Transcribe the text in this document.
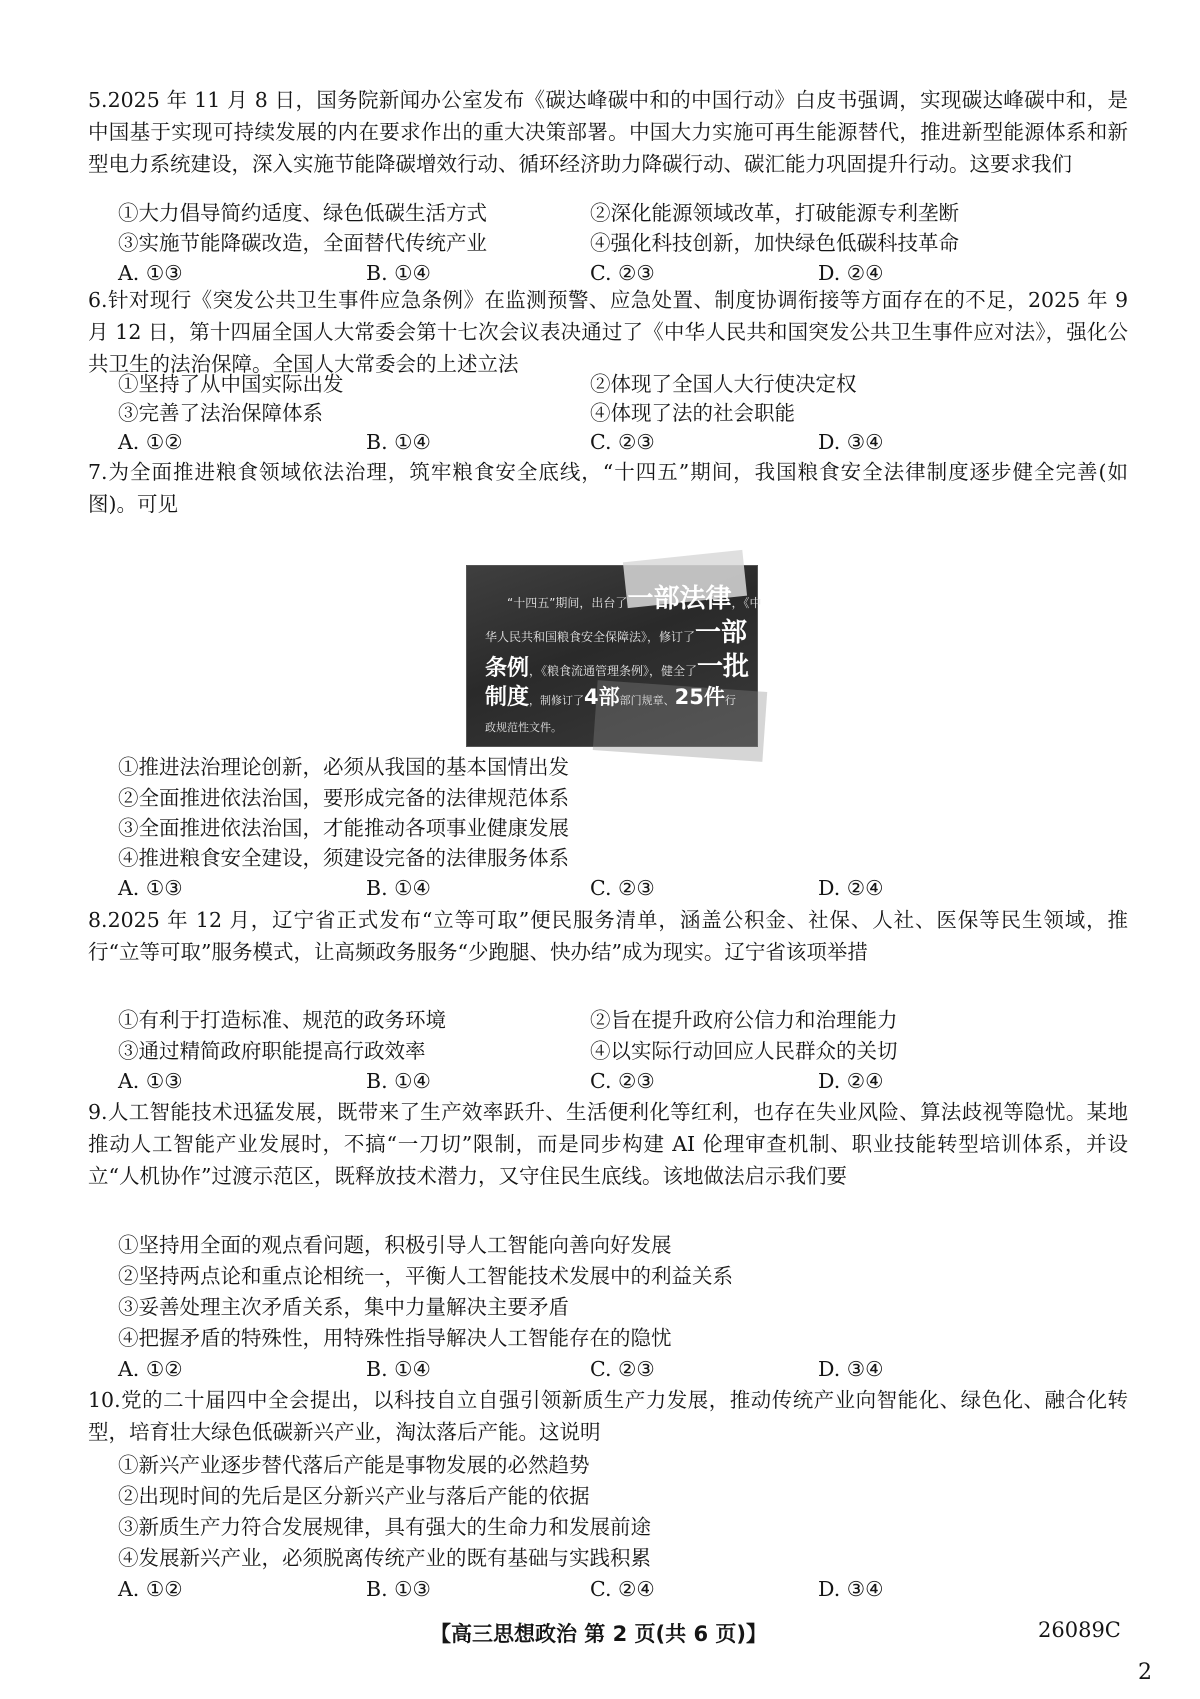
5.2025 年 11 月 8 日，国务院新闻办公室发布《碳达峰碳中和的中国行动》白皮书强调，实现碳达峰碳中和，是中国基于实现可持续发展的内在要求作出的重大决策部署。中国大力实施可再生能源替代，推进新型能源体系和新型电力系统建设，深入实施节能降碳增效行动、循环经济助力降碳行动、碳汇能力巩固提升行动。这要求我们

①大力倡导简约适度、绿色低碳生活方式	②深化能源领域改革，打破能源专利垄断

③实施节能降碳改造，全面替代传统产业	④强化科技创新，加快绿色低碳科技革命

A. ①③	B. ①④	C. ②③	D. ②④

6.针对现行《突发公共卫生事件应急条例》在监测预警、应急处置、制度协调衔接等方面存在的不足，2025 年 9 月 12 日，第十四届全国人大常委会第十七次会议表决通过了《中华人民共和国突发公共卫生事件应对法》，强化公共卫生的法治保障。全国人大常委会的上述立法

①坚持了从中国实际出发	②体现了全国人大行使决定权

③完善了法治保障体系	④体现了法的社会职能

A. ①②	B. ①④	C. ②③	D. ③④

7.为全面推进粮食领域依法治理，筑牢粮食安全底线，“十四五”期间，我国粮食安全法律制度逐步健全完善(如图)。可见

“十四五”期间，出台了一部法律，《中
华人民共和国粮食安全保障法》，修订了一部
条例，《粮食流通管理条例》，健全了一批
制度，制修订了4部部门规章、25件行
政规范性文件。

①推进法治理论创新，必须从我国的基本国情出发

②全面推进依法治国，要形成完备的法律规范体系

③全面推进依法治国，才能推动各项事业健康发展

④推进粮食安全建设，须建设完备的法律服务体系

A. ①③	B. ①④	C. ②③	D. ②④

8.2025 年 12 月，辽宁省正式发布“立等可取”便民服务清单，涵盖公积金、社保、人社、医保等民生领域，推行“立等可取”服务模式，让高频政务服务“少跑腿、快办结”成为现实。辽宁省该项举措

①有利于打造标准、规范的政务环境	②旨在提升政府公信力和治理能力

③通过精简政府职能提高行政效率	④以实际行动回应人民群众的关切

A. ①③	B. ①④	C. ②③	D. ②④

9.人工智能技术迅猛发展，既带来了生产效率跃升、生活便利化等红利，也存在失业风险、算法歧视等隐忧。某地推动人工智能产业发展时，不搞“一刀切”限制，而是同步构建 AI 伦理审查机制、职业技能转型培训体系，并设立“人机协作”过渡示范区，既释放技术潜力，又守住民生底线。该地做法启示我们要

①坚持用全面的观点看问题，积极引导人工智能向善向好发展

②坚持两点论和重点论相统一，平衡人工智能技术发展中的利益关系

③妥善处理主次矛盾关系，集中力量解决主要矛盾

④把握矛盾的特殊性，用特殊性指导解决人工智能存在的隐忧

A. ①②	B. ①④	C. ②③	D. ③④

10.党的二十届四中全会提出，以科技自立自强引领新质生产力发展，推动传统产业向智能化、绿色化、融合化转型，培育壮大绿色低碳新兴产业，淘汰落后产能。这说明

①新兴产业逐步替代落后产能是事物发展的必然趋势

②出现时间的先后是区分新兴产业与落后产能的依据

③新质生产力符合发展规律，具有强大的生命力和发展前途

④发展新兴产业，必须脱离传统产业的既有基础与实践积累

A. ①②	B. ①③	C. ②④	D. ③④

【高三思想政治 第 2 页(共 6 页)】	26089C
2
